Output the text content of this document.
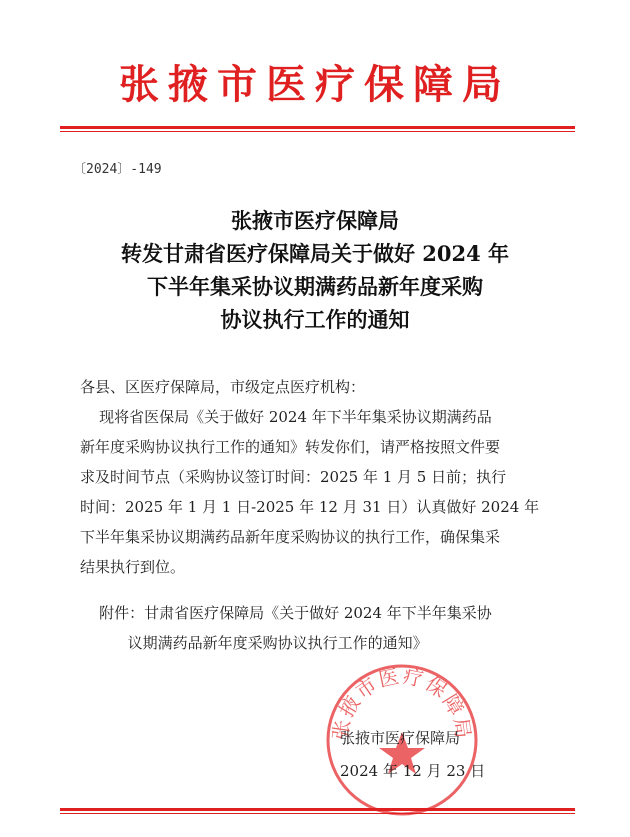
张掖市医疗保障局
〔2024〕-149
张掖市医疗保障局
转发甘肃省医疗保障局关于做好 2024 年
下半年集采协议期满药品新年度采购
协议执行工作的通知
各县、区医疗保障局，市级定点医疗机构：
现将省医保局《关于做好 2024 年下半年集采协议期满药品
新年度采购协议执行工作的通知》转发你们，请严格按照文件要
求及时间节点（采购协议签订时间：2025 年 1 月 5 日前；执行
时间：2025 年 1 月 1 日-2025 年 12 月 31 日）认真做好 2024 年
下半年集采协议期满药品新年度采购协议的执行工作，确保集采
结果执行到位。
附件：甘肃省医疗保障局《关于做好 2024 年下半年集采协
议期满药品新年度采购协议执行工作的通知》
张掖市医疗保障局
张掖市医疗保障局
2024 年 12 月 23 日
